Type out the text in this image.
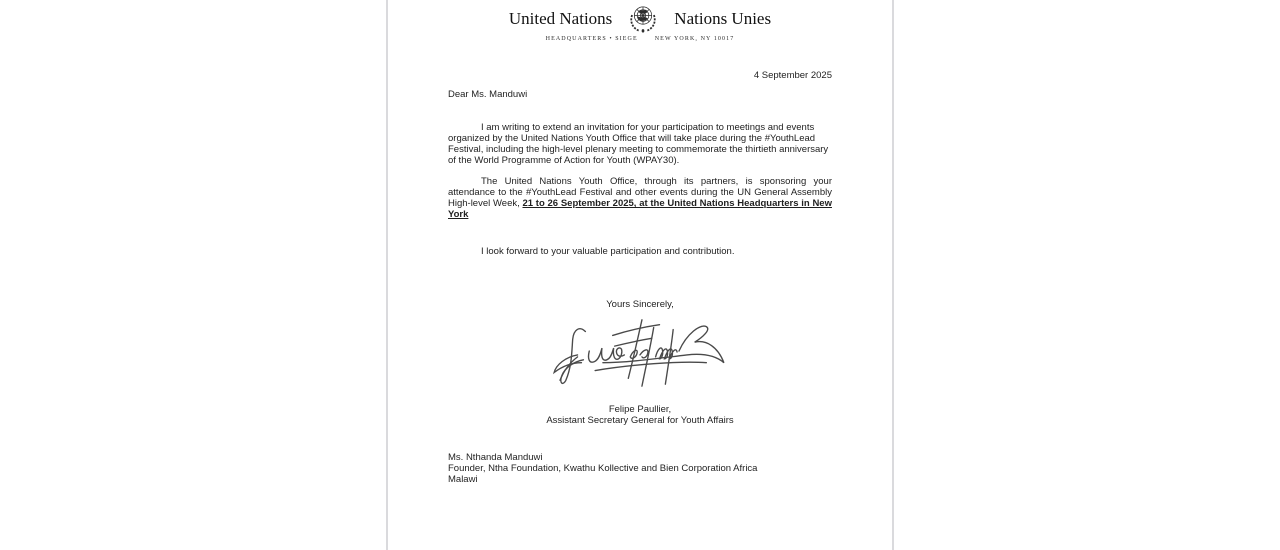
United Nations	Nations Unies
HEADQUARTERS • SIEGE	NEW YORK, NY 10017
4 September 2025
Dear Ms. Manduwi

I am writing to extend an invitation for your participation to meetings and events organized by the United Nations Youth Office that will take place during the #YouthLead Festival, including the high-level plenary meeting to commemorate the thirtieth anniversary of the World Programme of Action for Youth (WPAY30).

The United Nations Youth Office, through its partners, is sponsoring your attendance to the #YouthLead Festival and other events during the UN General Assembly High-level Week, 21 to 26 September 2025, at the United Nations Headquarters in New York

I look forward to your valuable participation and contribution.

Yours Sincerely,
Felipe Paullier,
Assistant Secretary General for Youth Affairs
Ms. Nthanda Manduwi
Founder, Ntha Foundation, Kwathu Kollective and Bien Corporation Africa
Malawi
